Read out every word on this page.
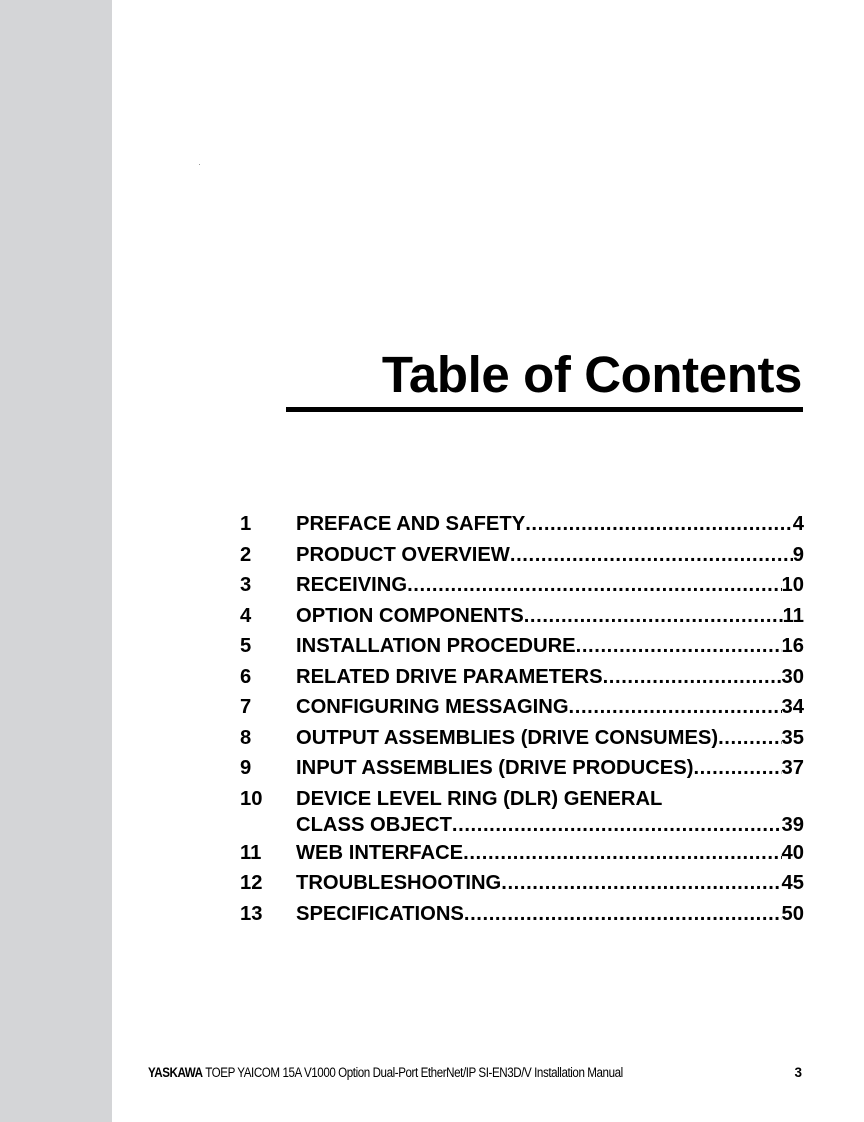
Table of Contents
1	PREFACE AND SAFETY .....	4
2	PRODUCT OVERVIEW .....	9
3	RECEIVING .....	10
4	OPTION COMPONENTS .....	11
5	INSTALLATION PROCEDURE .....	16
6	RELATED DRIVE PARAMETERS .....	30
7	CONFIGURING MESSAGING .....	34
8	OUTPUT ASSEMBLIES (DRIVE CONSUMES) .....	35
9	INPUT ASSEMBLIES (DRIVE PRODUCES) .....	37
10	DEVICE LEVEL RING (DLR) GENERAL
CLASS OBJECT .....	39
11	WEB INTERFACE .....	40
12	TROUBLESHOOTING .....	45
13	SPECIFICATIONS .....	50
YASKAWA TOEP YAICOM 15A V1000 Option Dual-Port EtherNet/IP SI-EN3D/V Installation Manual	3
